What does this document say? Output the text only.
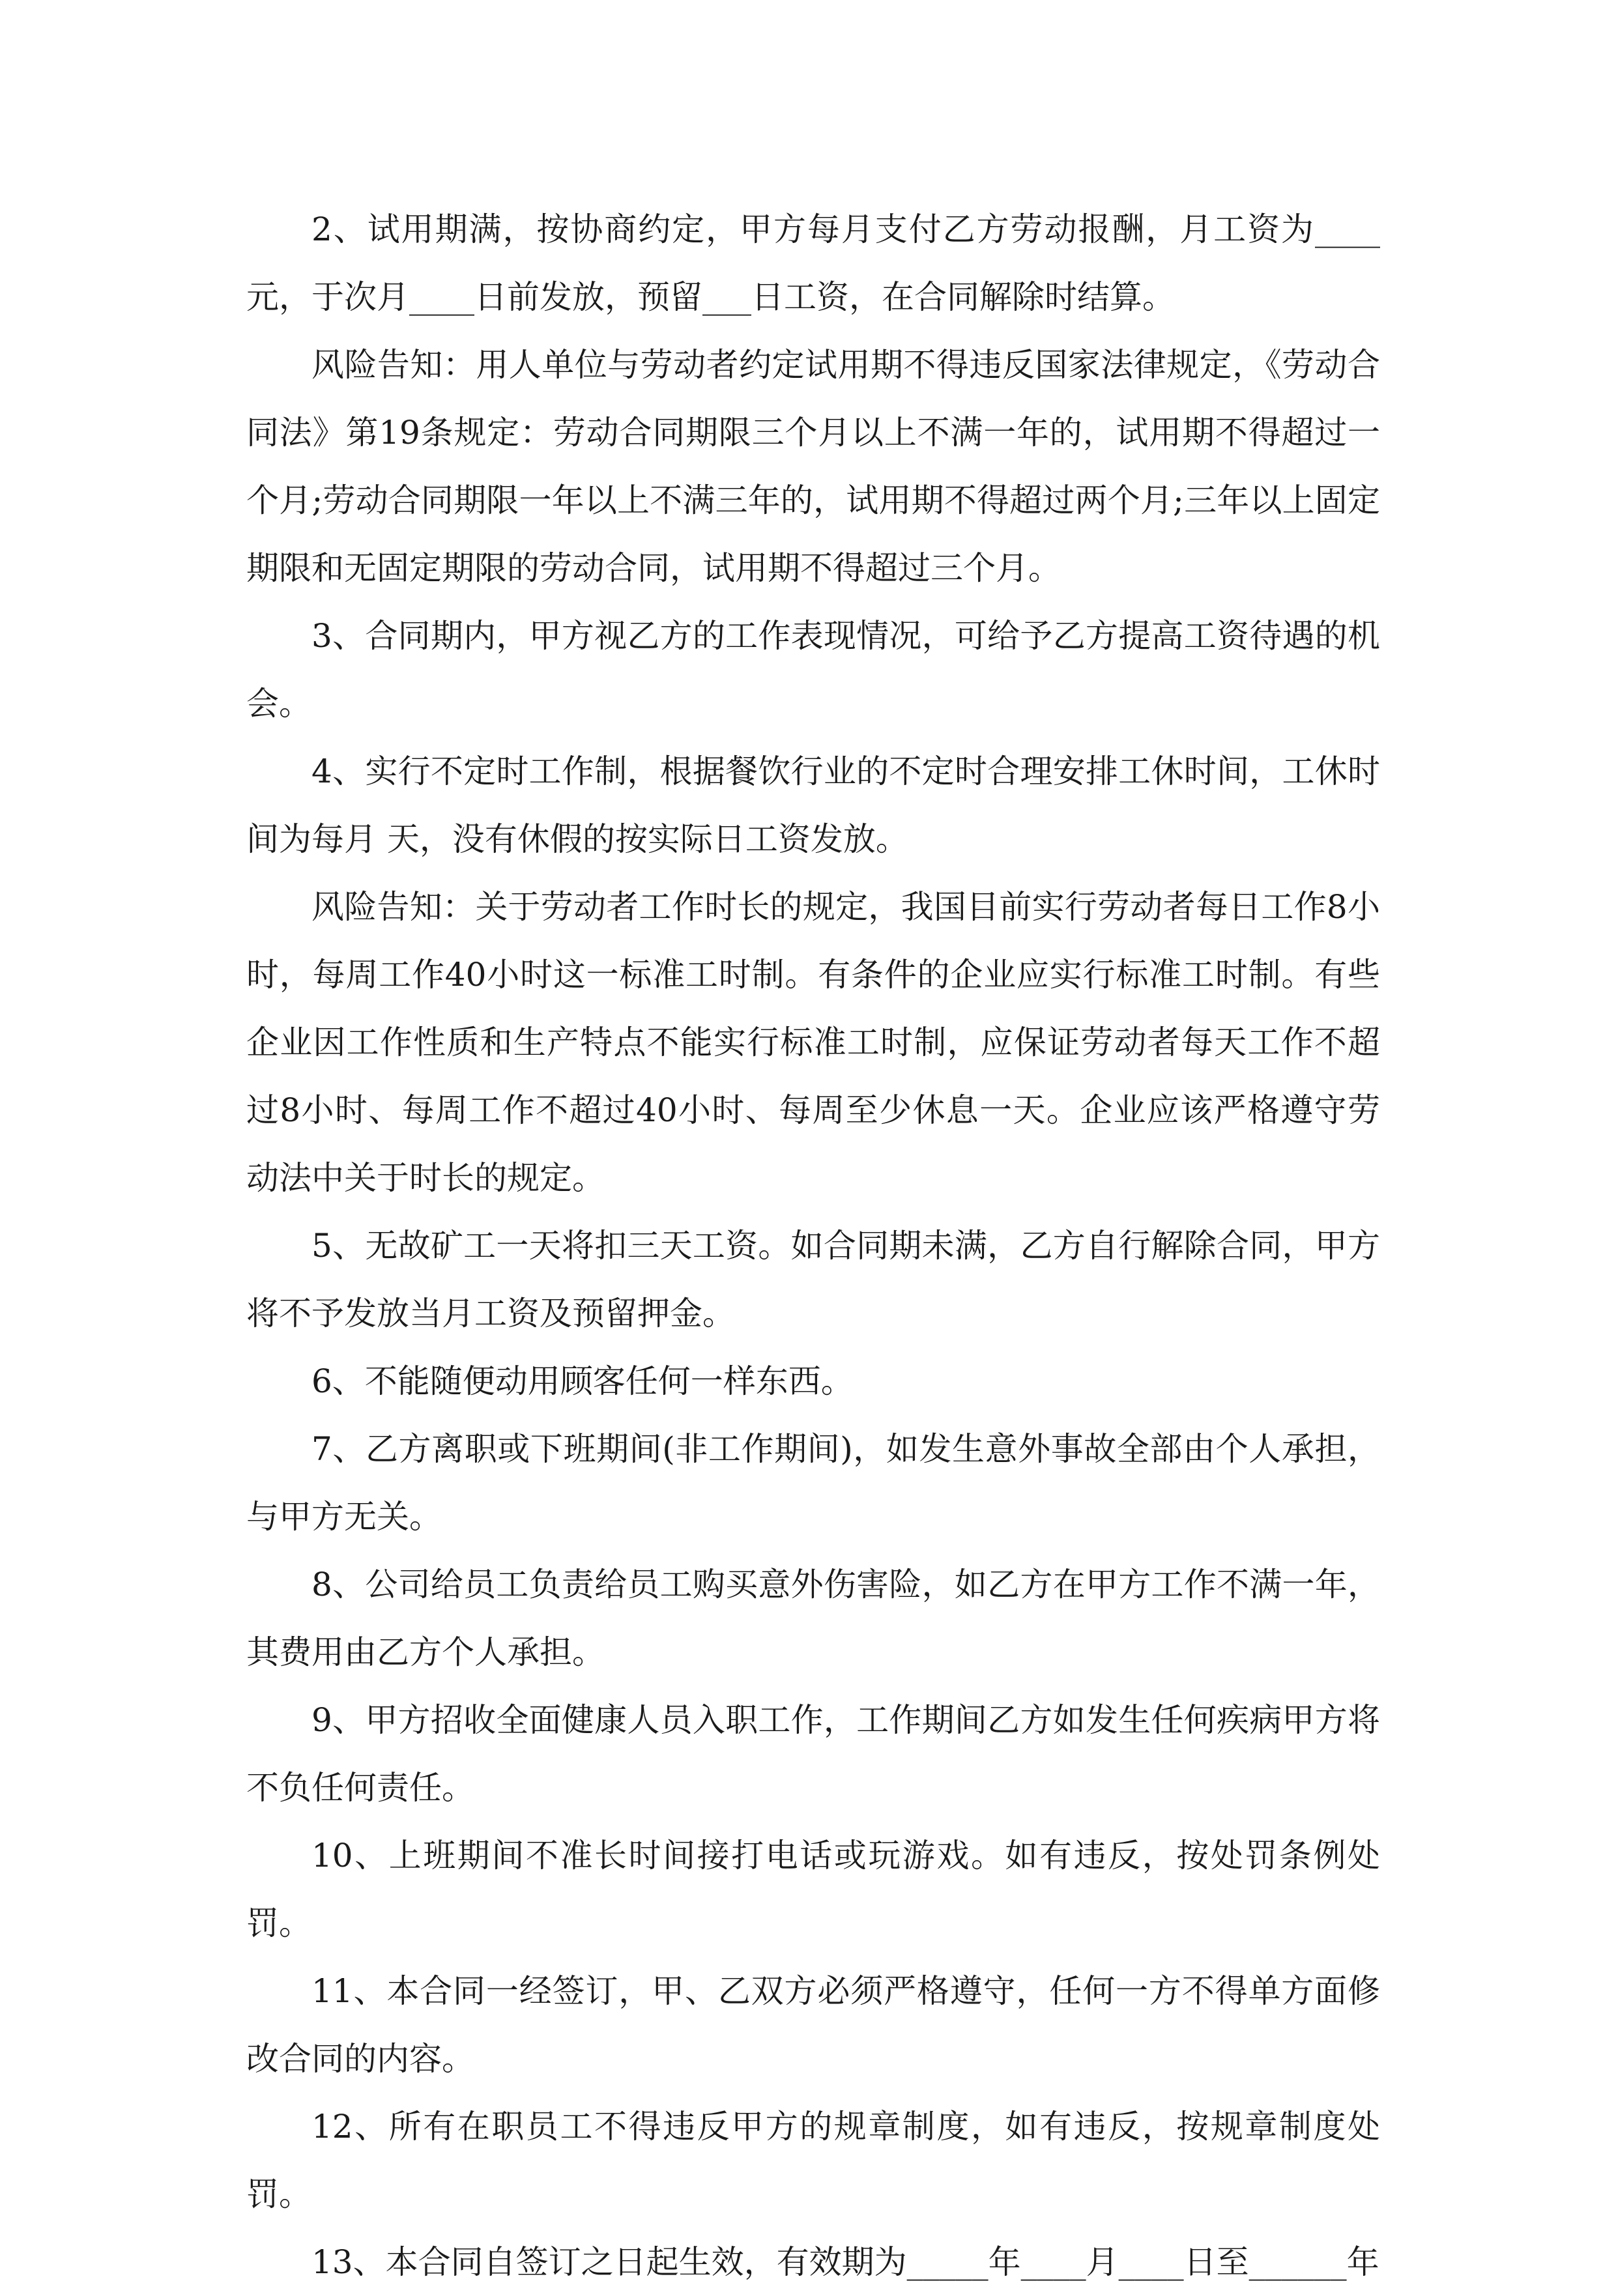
2、试用期满，按协商约定，甲方每月支付乙方劳动报酬，月工资为____元，于次月____日前发放，预留___日工资，在合同解除时结算。

风险告知：用人单位与劳动者约定试用期不得违反国家法律规定，《劳动合同法》第19条规定：劳动合同期限三个月以上不满一年的，试用期不得超过一个月;劳动合同期限一年以上不满三年的，试用期不得超过两个月;三年以上固定期限和无固定期限的劳动合同，试用期不得超过三个月。

3、合同期内，甲方视乙方的工作表现情况，可给予乙方提高工资待遇的机会。

4、实行不定时工作制，根据餐饮行业的不定时合理安排工休时间，工休时间为每月 天，没有休假的按实际日工资发放。

风险告知：关于劳动者工作时长的规定，我国目前实行劳动者每日工作8小时，每周工作40小时这一标准工时制。有条件的企业应实行标准工时制。有些企业因工作性质和生产特点不能实行标准工时制，应保证劳动者每天工作不超过8小时、每周工作不超过40小时、每周至少休息一天。企业应该严格遵守劳动法中关于时长的规定。

5、无故矿工一天将扣三天工资。如合同期未满，乙方自行解除合同，甲方将不予发放当月工资及预留押金。

6、不能随便动用顾客任何一样东西。

7、乙方离职或下班期间(非工作期间)，如发生意外事故全部由个人承担，与甲方无关。

8、公司给员工负责给员工购买意外伤害险，如乙方在甲方工作不满一年，其费用由乙方个人承担。

9、甲方招收全面健康人员入职工作，工作期间乙方如发生任何疾病甲方将不负任何责任。

10、上班期间不准长时间接打电话或玩游戏。如有违反，按处罚条例处罚。

11、本合同一经签订，甲、乙双方必须严格遵守，任何一方不得单方面修改合同的内容。

12、所有在职员工不得违反甲方的规章制度，如有违反，按规章制度处罚。

13、本合同自签订之日起生效，有效期为_____年____月____日至______年
